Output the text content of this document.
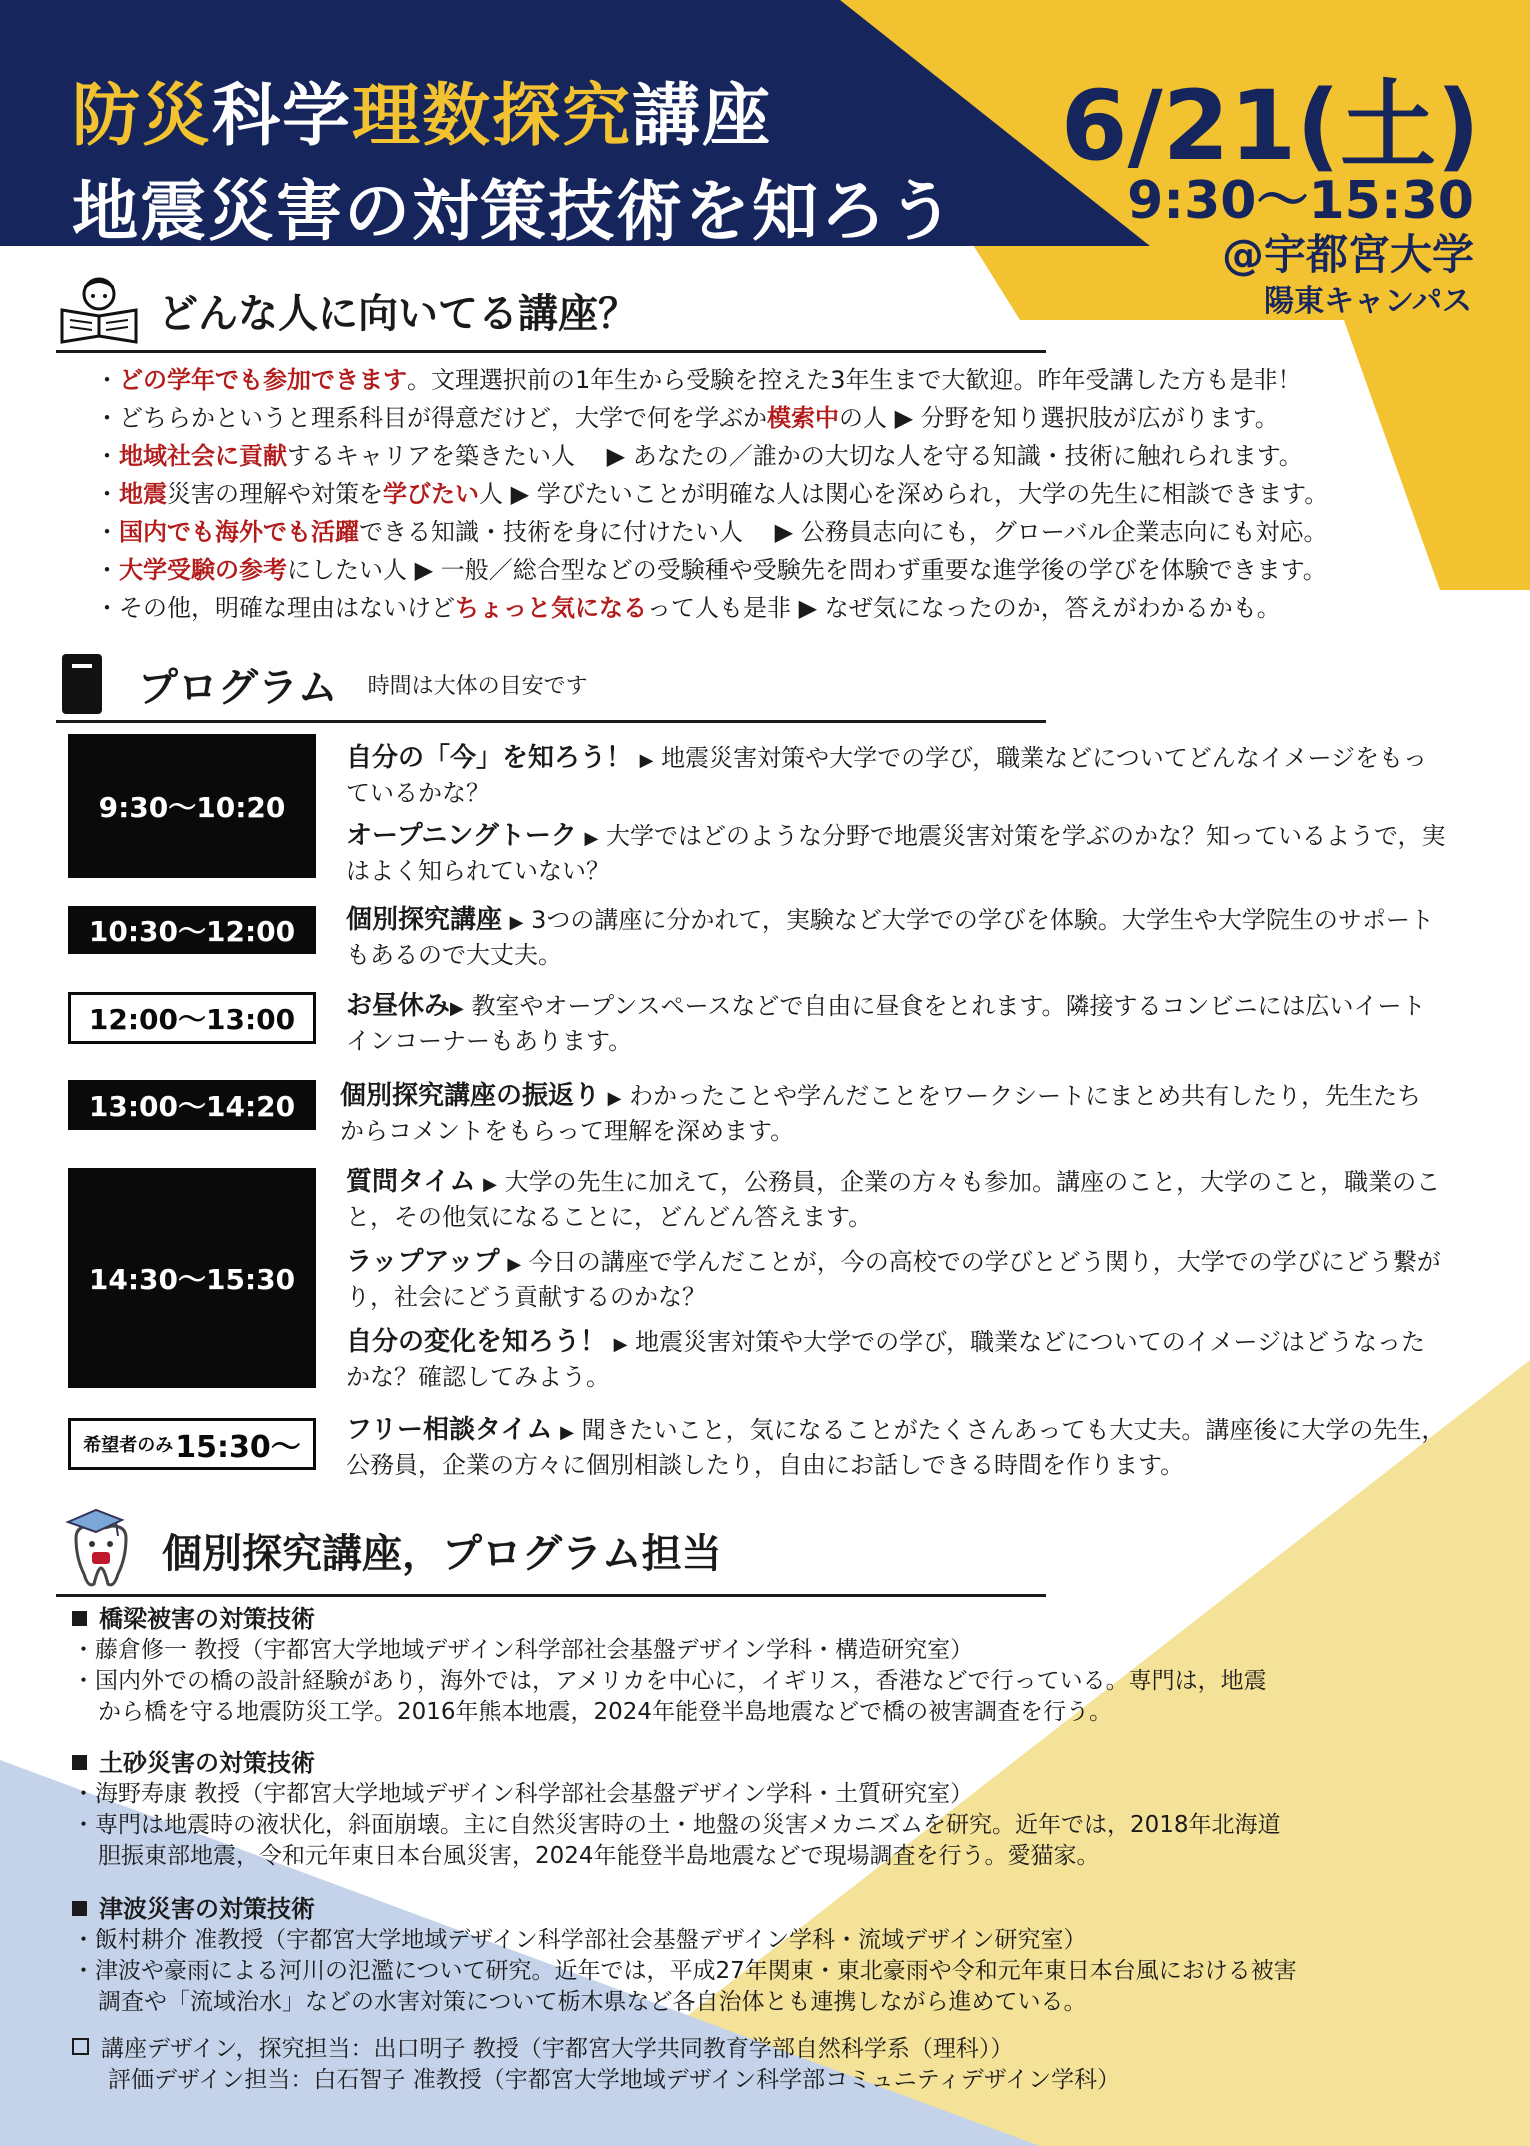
防災科学理数探究講座
地震災害の対策技術を知ろう
6/21(土)
9:30～15:30
@宇都宮大学
陽東キャンパス
どんな人に向いてる講座？
・どの学年でも参加できます。文理選択前の1年生から受験を控えた3年生まで大歓迎。昨年受講した方も是非！
・どちらかというと理系科目が得意だけど，大学で何を学ぶか模索中の人 ▶ 分野を知り選択肢が広がります。
・地域社会に貢献するキャリアを築きたい人　 ▶ あなたの／誰かの大切な人を守る知識・技術に触れられます。
・地震災害の理解や対策を学びたい人 ▶ 学びたいことが明確な人は関心を深められ，大学の先生に相談できます。
・国内でも海外でも活躍できる知識・技術を身に付けたい人　 ▶ 公務員志向にも，グローバル企業志向にも対応。
・大学受験の参考にしたい人 ▶ 一般／総合型などの受験種や受験先を問わず重要な進学後の学びを体験できます。
・その他，明確な理由はないけどちょっと気になるって人も是非 ▶ なぜ気になったのか，答えがわかるかも。
プログラム 時間は大体の目安です
9:30～10:20
10:30～12:00
12:00～13:00
13:00～14:20
14:30～15:30
希望者のみ 15:30～
自分の「今」を知ろう！ ▶ 地震災害対策や大学での学び，職業などについてどんなイメージをもっているかな？
オープニングトーク ▶ 大学ではどのような分野で地震災害対策を学ぶのかな？知っているようで，実はよく知られていない？
個別探究講座 ▶ 3つの講座に分かれて，実験など大学での学びを体験。大学生や大学院生のサポートもあるので大丈夫。
お昼休み▶ 教室やオープンスペースなどで自由に昼食をとれます。隣接するコンビニには広いイートインコーナーもあります。
個別探究講座の振返り ▶ わかったことや学んだことをワークシートにまとめ共有したり，先生たちからコメントをもらって理解を深めます。
質問タイム ▶ 大学の先生に加えて，公務員，企業の方々も参加。講座のこと，大学のこと，職業のこと，その他気になることに，どんどん答えます。
ラップアップ ▶ 今日の講座で学んだことが，今の高校での学びとどう関り，大学での学びにどう繋がり，社会にどう貢献するのかな？
自分の変化を知ろう！ ▶ 地震災害対策や大学での学び，職業などについてのイメージはどうなったかな？確認してみよう。
フリー相談タイム ▶ 聞きたいこと，気になることがたくさんあっても大丈夫。講座後に大学の先生，公務員，企業の方々に個別相談したり，自由にお話しできる時間を作ります。
個別探究講座，プログラム担当
橋梁被害の対策技術
・藤倉修一 教授（宇都宮大学地域デザイン科学部社会基盤デザイン学科・構造研究室）
・国内外での橋の設計経験があり，海外では，アメリカを中心に，イギリス，香港などで行っている。専門は，地震
から橋を守る地震防災工学。2016年熊本地震，2024年能登半島地震などで橋の被害調査を行う。
土砂災害の対策技術
・海野寿康 教授（宇都宮大学地域デザイン科学部社会基盤デザイン学科・土質研究室）
・専門は地震時の液状化，斜面崩壊。主に自然災害時の土・地盤の災害メカニズムを研究。近年では，2018年北海道
胆振東部地震，令和元年東日本台風災害，2024年能登半島地震などで現場調査を行う。愛猫家。
津波災害の対策技術
・飯村耕介 准教授（宇都宮大学地域デザイン科学部社会基盤デザイン学科・流域デザイン研究室）
・津波や豪雨による河川の氾濫について研究。近年では，平成27年関東・東北豪雨や令和元年東日本台風における被害
調査や「流域治水」などの水害対策について栃木県など各自治体とも連携しながら進めている。
講座デザイン，探究担当：出口明子 教授（宇都宮大学共同教育学部自然科学系（理科））
評価デザイン担当：白石智子 准教授（宇都宮大学地域デザイン科学部コミュニティデザイン学科）
